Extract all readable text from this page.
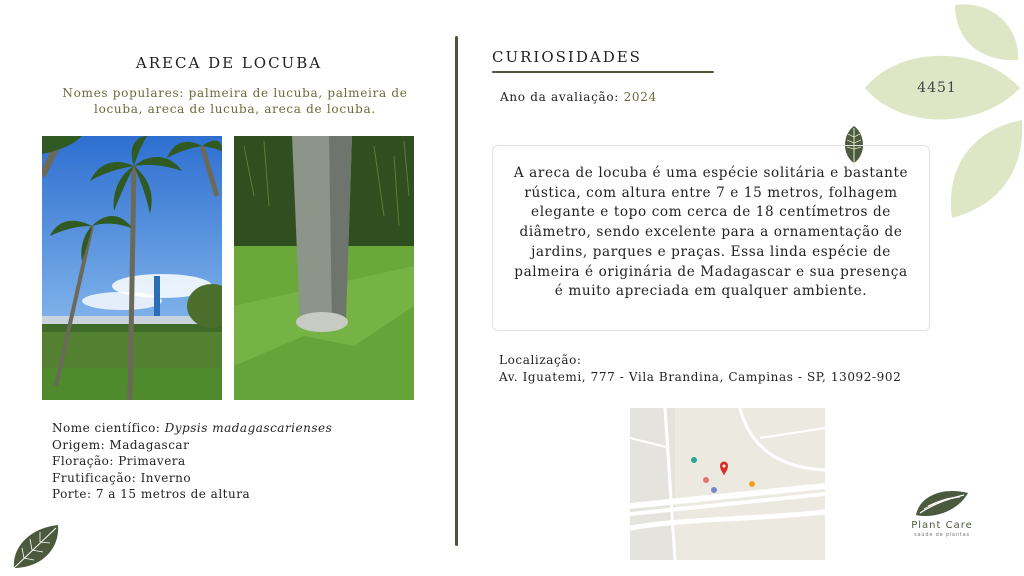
4451
ARECA DE LOCUBA
Nomes populares: palmeira de lucuba, palmeira de locuba, areca de lucuba, areca de locuba.
Nome científico: Dypsis madagascarienses
Origem: Madagascar
Floração: Primavera
Frutificação: Inverno
Porte: 7 a 15 metros de altura
CURIOSIDADES
Ano da avaliação: 2024

A areca de locuba é uma espécie solitária e bastante rústica, com altura entre 7 e 15 metros, folhagem elegante e topo com cerca de 18 centímetros de diâmetro, sendo excelente para a ornamentação de jardins, parques e praças. Essa linda espécie de palmeira é originária de Madagascar e sua presença é muito apreciada em qualquer ambiente.

Localização:
Av. Iguatemi, 777 - Vila Brandina, Campinas - SP, 13092-902
Plant Care
saúde de plantas
